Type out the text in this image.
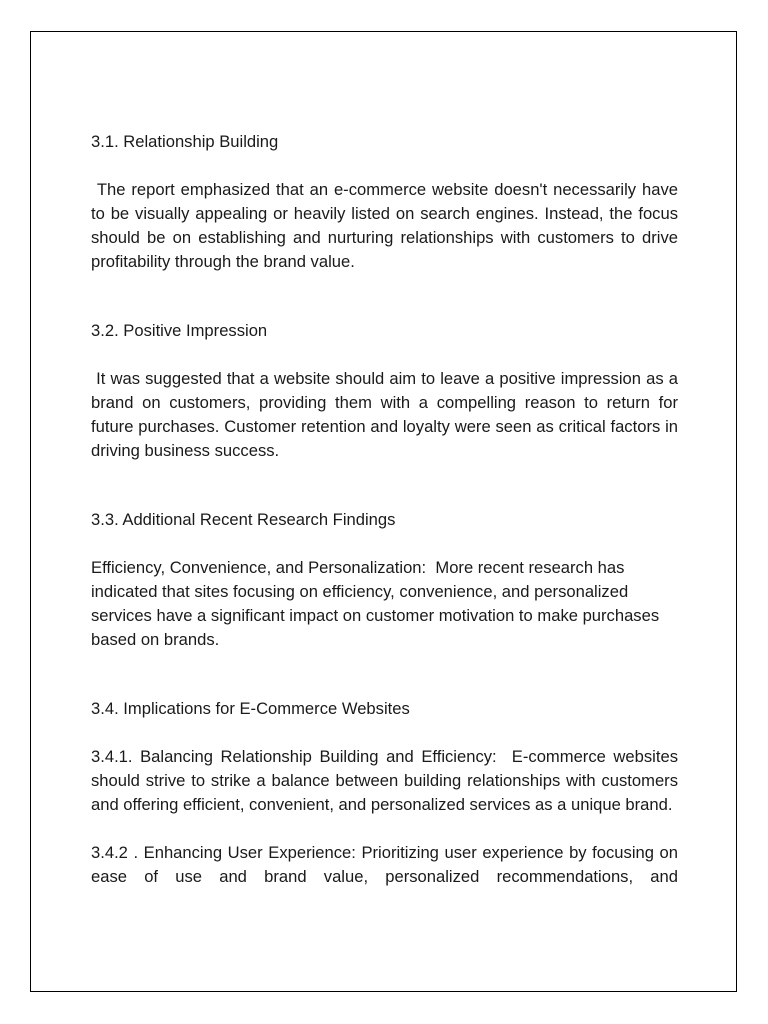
3.1. Relationship Building

The report emphasized that an e-commerce website doesn't necessarily have to be visually appealing or heavily listed on search engines. Instead, the focus should be on establishing and nurturing relationships with customers to drive profitability through the brand value.

3.2. Positive Impression

It was suggested that a website should aim to leave a positive impression as a brand on customers, providing them with a compelling reason to return for future purchases. Customer retention and loyalty were seen as critical factors in driving business success.

3.3. Additional Recent Research Findings

Efficiency, Convenience, and Personalization:  More recent research has indicated that sites focusing on efficiency, convenience, and personalized services have a significant impact on customer motivation to make purchases based on brands.

3.4. Implications for E-Commerce Websites

3.4.1. Balancing Relationship Building and Efficiency:  E-commerce websites should strive to strike a balance between building relationships with customers and offering efficient, convenient, and personalized services as a unique brand.

3.4.2 . Enhancing User Experience: Prioritizing user experience by focusing on ease of use and brand value, personalized recommendations, and
